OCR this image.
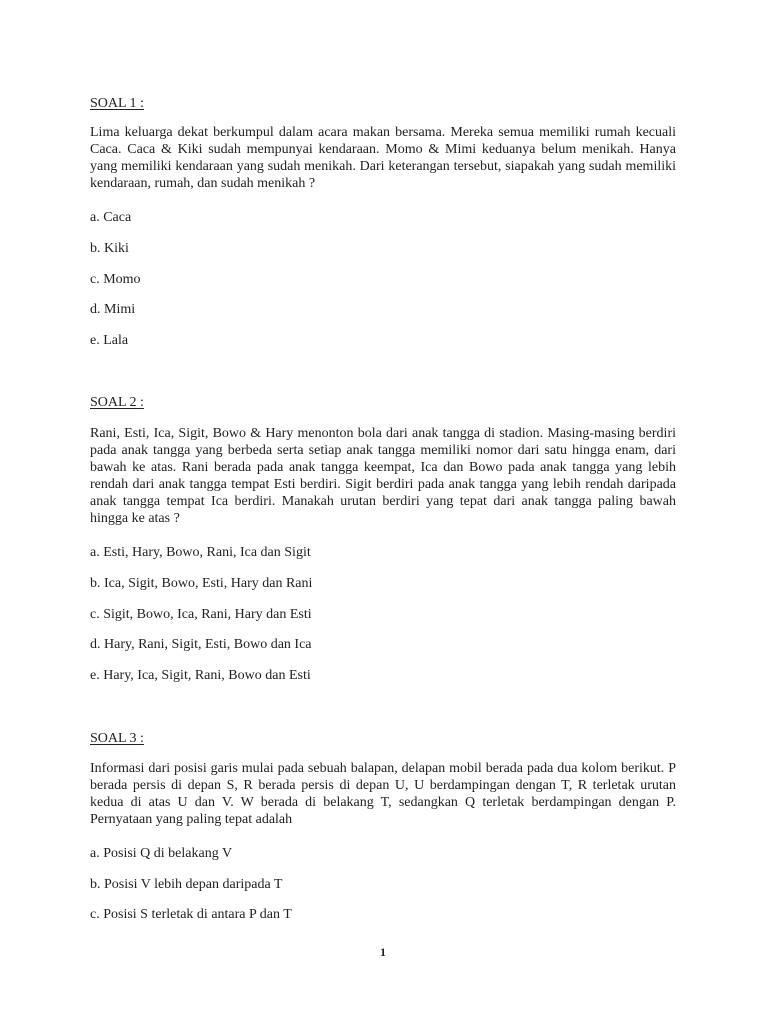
SOAL 1 :

Lima keluarga dekat berkumpul dalam acara makan bersama. Mereka semua memiliki rumah kecuali Caca. Caca & Kiki sudah mempunyai kendaraan. Momo & Mimi keduanya belum menikah. Hanya yang memiliki kendaraan yang sudah menikah. Dari keterangan tersebut, siapakah yang sudah memiliki kendaraan, rumah, dan sudah menikah ?

a. Caca

b. Kiki

c. Momo

d. Mimi

e. Lala

SOAL 2 :

Rani, Esti, Ica, Sigit, Bowo & Hary menonton bola dari anak tangga di stadion. Masing-masing berdiri pada anak tangga yang berbeda serta setiap anak tangga memiliki nomor dari satu hingga enam, dari bawah ke atas. Rani berada pada anak tangga keempat, Ica dan Bowo pada anak tangga yang lebih rendah dari anak tangga tempat Esti berdiri. Sigit berdiri pada anak tangga yang lebih rendah daripada anak tangga tempat Ica berdiri. Manakah urutan berdiri yang tepat dari anak tangga paling bawah hingga ke atas ?

a. Esti, Hary, Bowo, Rani, Ica dan Sigit

b. Ica, Sigit, Bowo, Esti, Hary dan Rani

c. Sigit, Bowo, Ica, Rani, Hary dan Esti

d. Hary, Rani, Sigit, Esti, Bowo dan Ica

e. Hary, Ica, Sigit, Rani, Bowo dan Esti

SOAL 3 :

Informasi dari posisi garis mulai pada sebuah balapan, delapan mobil berada pada dua kolom berikut. P berada persis di depan S, R berada persis di depan U, U berdampingan dengan T, R terletak urutan kedua di atas U dan V. W berada di belakang T, sedangkan Q terletak berdampingan dengan P. Pernyataan yang paling tepat adalah

a. Posisi Q di belakang V

b. Posisi V lebih depan daripada T

c. Posisi S terletak di antara P dan T

1
